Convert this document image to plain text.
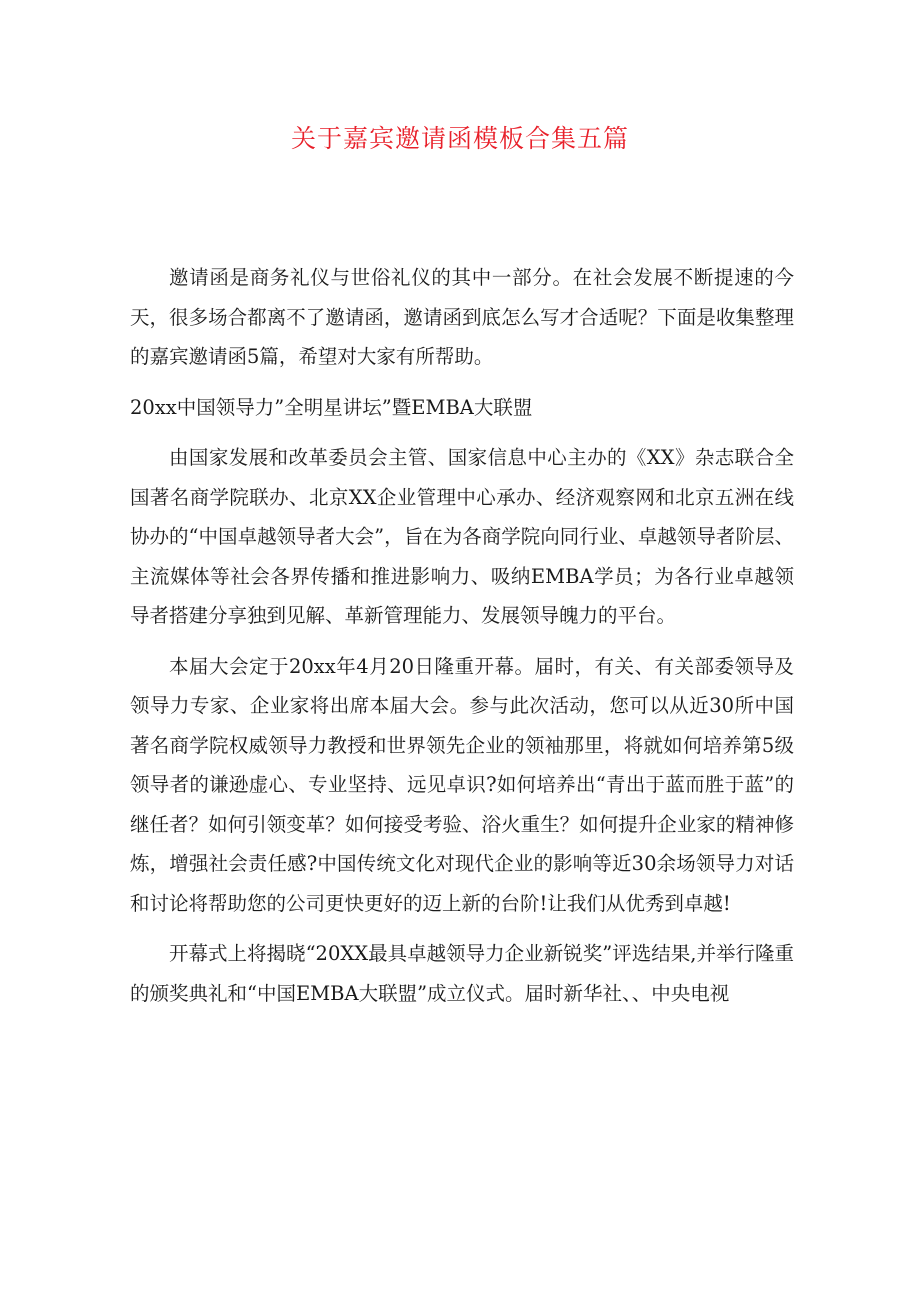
关于嘉宾邀请函模板合集五篇

邀请函是商务礼仪与世俗礼仪的其中一部分。在社会发展不断提速的今天，很多场合都离不了邀请函，邀请函到底怎么写才合适呢？下面是收集整理的嘉宾邀请函5篇，希望对大家有所帮助。

20xx中国领导力”全明星讲坛”暨EMBA大联盟

由国家发展和改革委员会主管、国家信息中心主办的《XX》杂志联合全国著名商学院联办、北京XX企业管理中心承办、经济观察网和北京五洲在线协办的“中国卓越领导者大会”，旨在为各商学院向同行业、卓越领导者阶层、主流媒体等社会各界传播和推进影响力、吸纳EMBA学员；为各行业卓越领导者搭建分享独到见解、革新管理能力、发展领导魄力的平台。

本届大会定于20xx年4月20日隆重开幕。届时，有关、有关部委领导及领导力专家、企业家将出席本届大会。参与此次活动，您可以从近30所中国著名商学院权威领导力教授和世界领先企业的领袖那里，将就如何培养第5级领导者的谦逊虚心、专业坚持、远见卓识?如何培养出“青出于蓝而胜于蓝”的继任者？如何引领变革？如何接受考验、浴火重生？如何提升企业家的精神修炼，增强社会责任感?中国传统文化对现代企业的影响等近30余场领导力对话和讨论将帮助您的公司更快更好的迈上新的台阶!让我们从优秀到卓越!

开幕式上将揭晓“20XX最具卓越领导力企业新锐奖”评选结果,并举行隆重的颁奖典礼和“中国EMBA大联盟”成立仪式。届时新华社、、中央电视
